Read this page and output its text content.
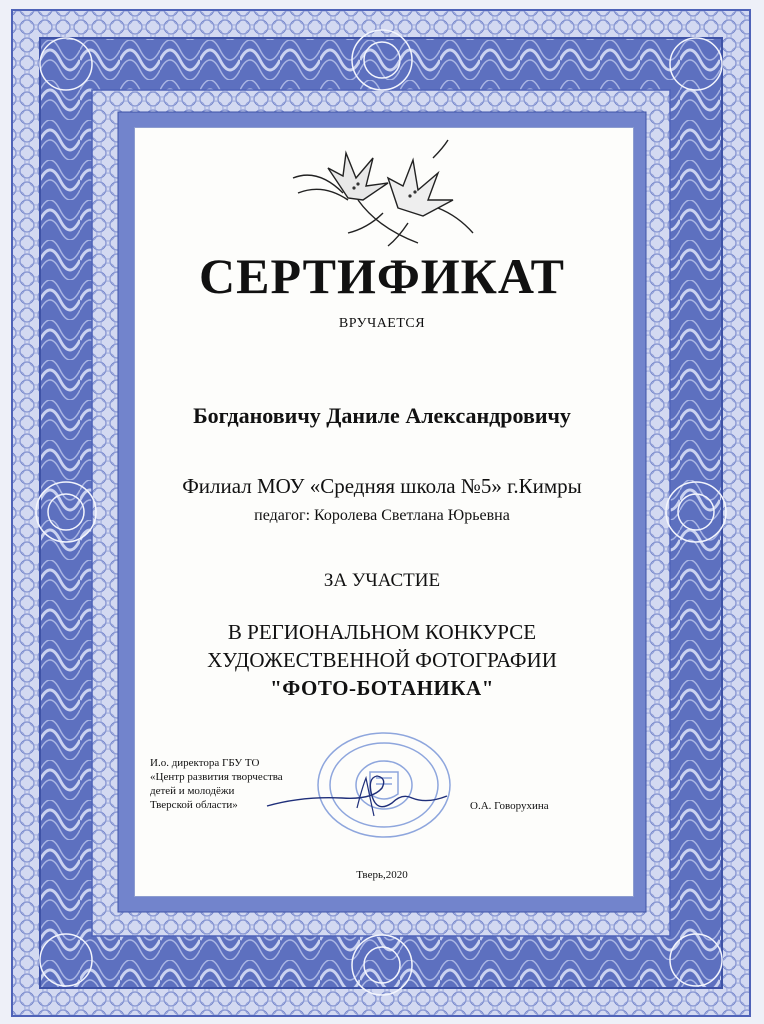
СЕРТИФИКАТ
ВРУЧАЕТСЯ
Богдановичу Даниле Александровичу
Филиал МОУ «Средняя школа №5» г.Кимры
педагог: Королева Светлана Юрьевна
ЗА УЧАСТИЕ
В РЕГИОНАЛЬНОМ КОНКУРСЕ
ХУДОЖЕСТВЕННОЙ ФОТОГРАФИИ
"ФОТО-БОТАНИКА"
И.о. директора ГБУ ТО
«Центр развития творчества
детей и молодёжи
Тверской области»	О.А. Говорухина
Тверь,2020
